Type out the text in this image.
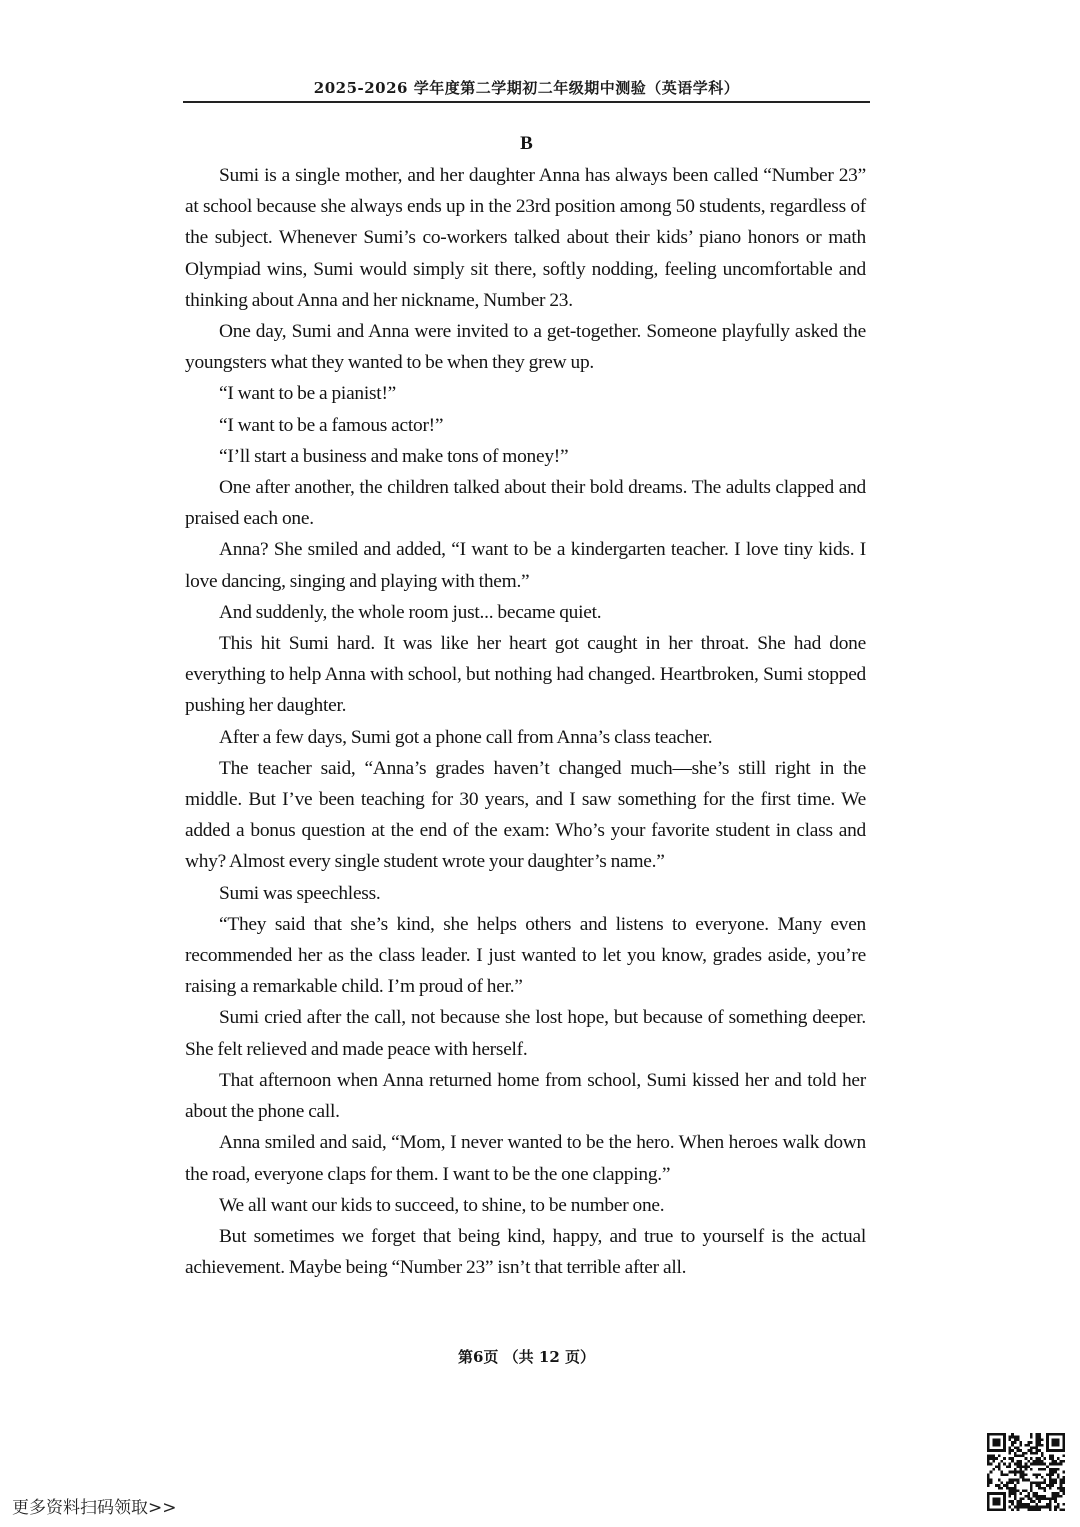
2025-2026 学年度第二学期初二年级期中测验（英语学科）
B

Sumi is a single mother, and her daughter Anna has always been called “Number 23” at school because she always ends up in the 23rd position among 50 students, regardless of the subject. Whenever Sumi’s co-workers talked about their kids’ piano honors or math Olympiad wins, Sumi would simply sit there, softly nodding, feeling uncomfortable and thinking about Anna and her nickname, Number 23.

One day, Sumi and Anna were invited to a get-together. Someone playfully asked the youngsters what they wanted to be when they grew up.

“I want to be a pianist!”

“I want to be a famous actor!”

“I’ll start a business and make tons of money!”

One after another, the children talked about their bold dreams. The adults clapped and praised each one.

Anna? She smiled and added, “I want to be a kindergarten teacher. I love tiny kids. I love dancing, singing and playing with them.”

And suddenly, the whole room just... became quiet.

This hit Sumi hard. It was like her heart got caught in her throat. She had done everything to help Anna with school, but nothing had changed. Heartbroken, Sumi stopped pushing her daughter.

After a few days, Sumi got a phone call from Anna’s class teacher.

The teacher said, “Anna’s grades haven’t changed much—she’s still right in the middle. But I’ve been teaching for 30 years, and I saw something for the first time. We added a bonus question at the end of the exam: Who’s your favorite student in class and why? Almost every single student wrote your daughter’s name.”

Sumi was speechless.

“They said that she’s kind, she helps others and listens to everyone. Many even recommended her as the class leader. I just wanted to let you know, grades aside, you’re raising a remarkable child. I’m proud of her.”

Sumi cried after the call, not because she lost hope, but because of something deeper. She felt relieved and made peace with herself.

That afternoon when Anna returned home from school, Sumi kissed her and told her about the phone call.

Anna smiled and said, “Mom, I never wanted to be the hero. When heroes walk down the road, everyone claps for them. I want to be the one clapping.”

We all want our kids to succeed, to shine, to be number one.

But sometimes we forget that being kind, happy, and true to yourself is the actual achievement. Maybe being “Number 23” isn’t that terrible after all.

第6页 （共 12 页）
更多资料扫码领取>>
